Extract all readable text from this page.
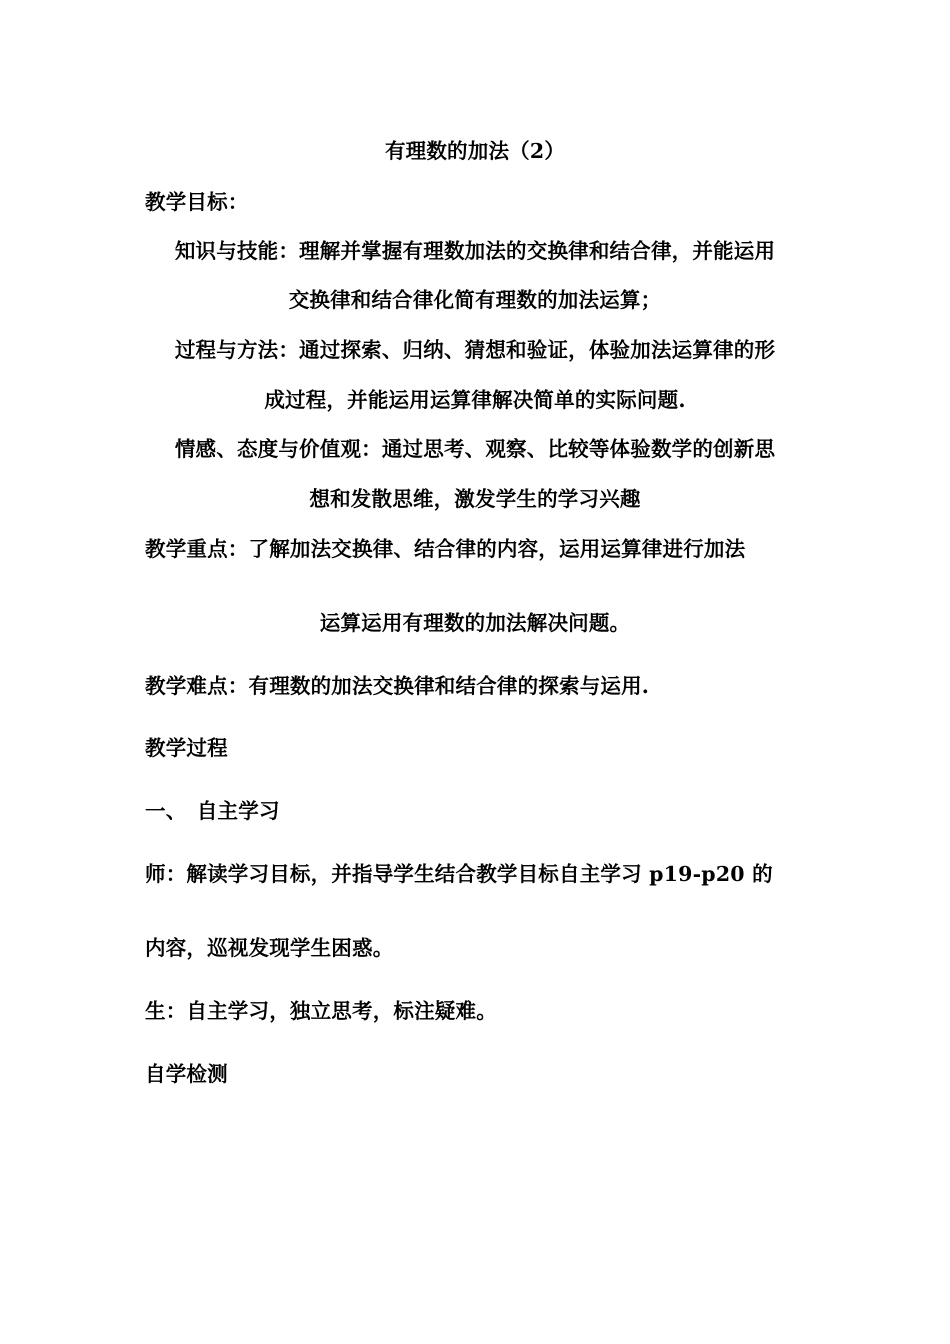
有理数的加法（2）
教学目标：
知识与技能：理解并掌握有理数加法的交换律和结合律，并能运用
交换律和结合律化简有理数的加法运算；
过程与方法：通过探索、归纳、猜想和验证，体验加法运算律的形
成过程，并能运用运算律解决简单的实际问题.
情感、态度与价值观：通过思考、观察、比较等体验数学的创新思
想和发散思维，激发学生的学习兴趣
教学重点：了解加法交换律、结合律的内容，运用运算律进行加法
运算运用有理数的加法解决问题。
教学难点：有理数的加法交换律和结合律的探索与运用.
教学过程
一、　自主学习
师：解读学习目标，并指导学生结合教学目标自主学习 p19-p20 的
内容，巡视发现学生困惑。
生：自主学习，独立思考，标注疑难。
自学检测
